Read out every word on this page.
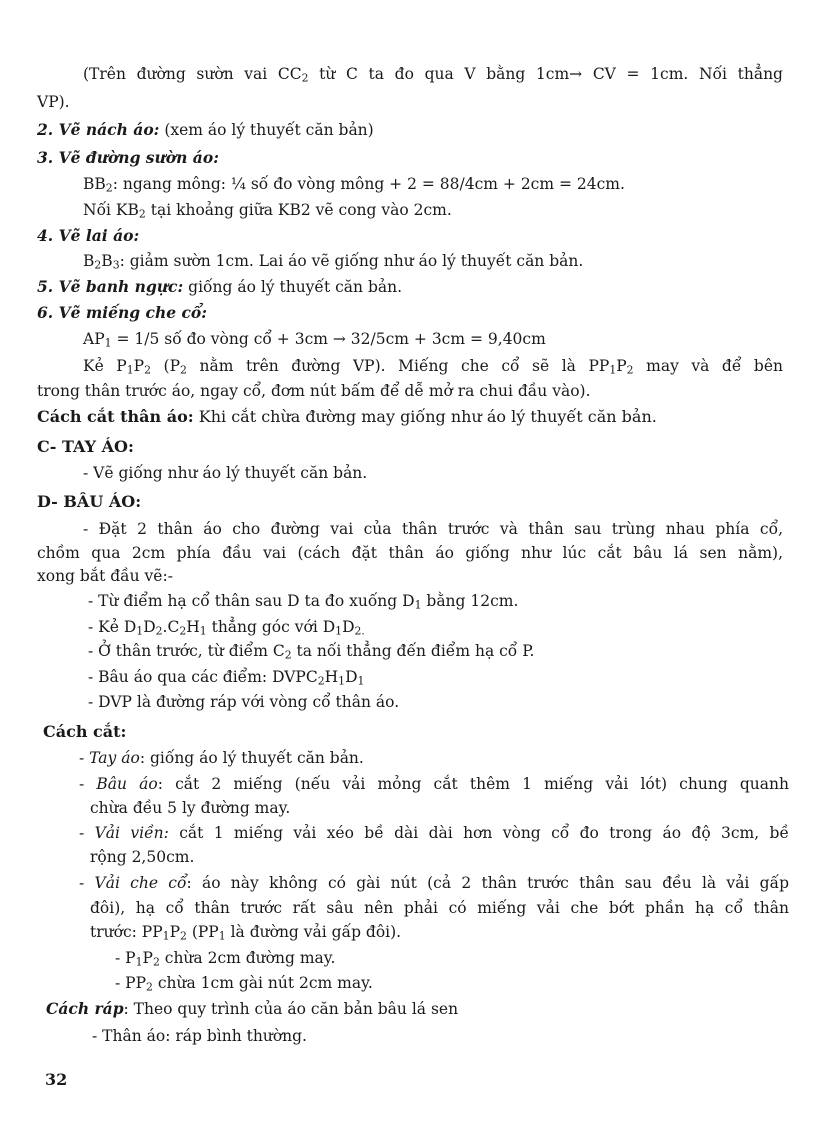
(Trên đường sườn vai $CC_2$ từ C ta đo qua V bằng 1cm→ CV = 1cm. Nối thẳng
VP).
2. Vẽ nách áo: (xem áo lý thuyết căn bản)
3. Vẽ đường sườn áo:
$BB_2$: ngang mông: ¼ số đo vòng mông + 2 = 88/4cm + 2cm = 24cm.
Nối $KB_2$ tại khoảng giữa KB2 vẽ cong vào 2cm.
4. Vẽ lai áo:
$B_2B_3$: giảm sườn 1cm. Lai áo vẽ giống như áo lý thuyết căn bản.
5. Vẽ banh ngực: giống áo lý thuyết căn bản.
6. Vẽ miếng che cổ:
$AP_1 = 1/5$ số đo vòng cổ + 3cm → 32/5cm + 3cm = 9,40cm
Kẻ $P_1P_2$ ($P_2$ nằm trên đường VP). Miếng che cổ sẽ là $PP_1P_2$ may và để bên
trong thân trước áo, ngay cổ, đơm nút bấm để dễ mở ra chui đầu vào).
Cách cắt thân áo: Khi cắt chừa đường may giống như áo lý thuyết căn bản.
C- TAY ÁO:
- Vẽ giống như áo lý thuyết căn bản.
D- BÂU ÁO:
- Đặt 2 thân áo cho đường vai của thân trước và thân sau trùng nhau phía cổ,
chồm qua 2cm phía đầu vai (cách đặt thân áo giống như lúc cắt bâu lá sen nằm),
xong bắt đầu vẽ:-
- Từ điểm hạ cổ thân sau D ta đo xuống $D_1$ bằng 12cm.
- Kẻ $D_1D_2.C_2H_1$ thẳng góc với $D_1D_{2.}$
- Ở thân trước, từ điểm $C_2$ ta nối thẳng đến điểm hạ cổ P.
- Bâu áo qua các điểm: $DVPC_2H_1D_1$
- DVP là đường ráp với vòng cổ thân áo.
Cách cắt:
- Tay áo: giống áo lý thuyết căn bản.
- Bâu áo: cắt 2 miếng (nếu vải mỏng cắt thêm 1 miếng vải lót) chung quanh
chừa đều 5 ly đường may.
- Vải viền: cắt 1 miếng vải xéo bề dài dài hơn vòng cổ đo trong áo độ 3cm, bề
rộng 2,50cm.
- Vải che cổ: áo này không có gài nút (cả 2 thân trước thân sau đều là vải gấp
đôi), hạ cổ thân trước rất sâu nên phải có miếng vải che bớt phần hạ cổ thân
trước: $PP_1P_2$ ($PP_1$ là đường vải gấp đôi).
- $P_1P_2$ chừa 2cm đường may.
- $PP_2$ chừa 1cm gài nút 2cm may.
Cách ráp: Theo quy trình của áo căn bản bâu lá sen
- Thân áo: ráp bình thường.
32
